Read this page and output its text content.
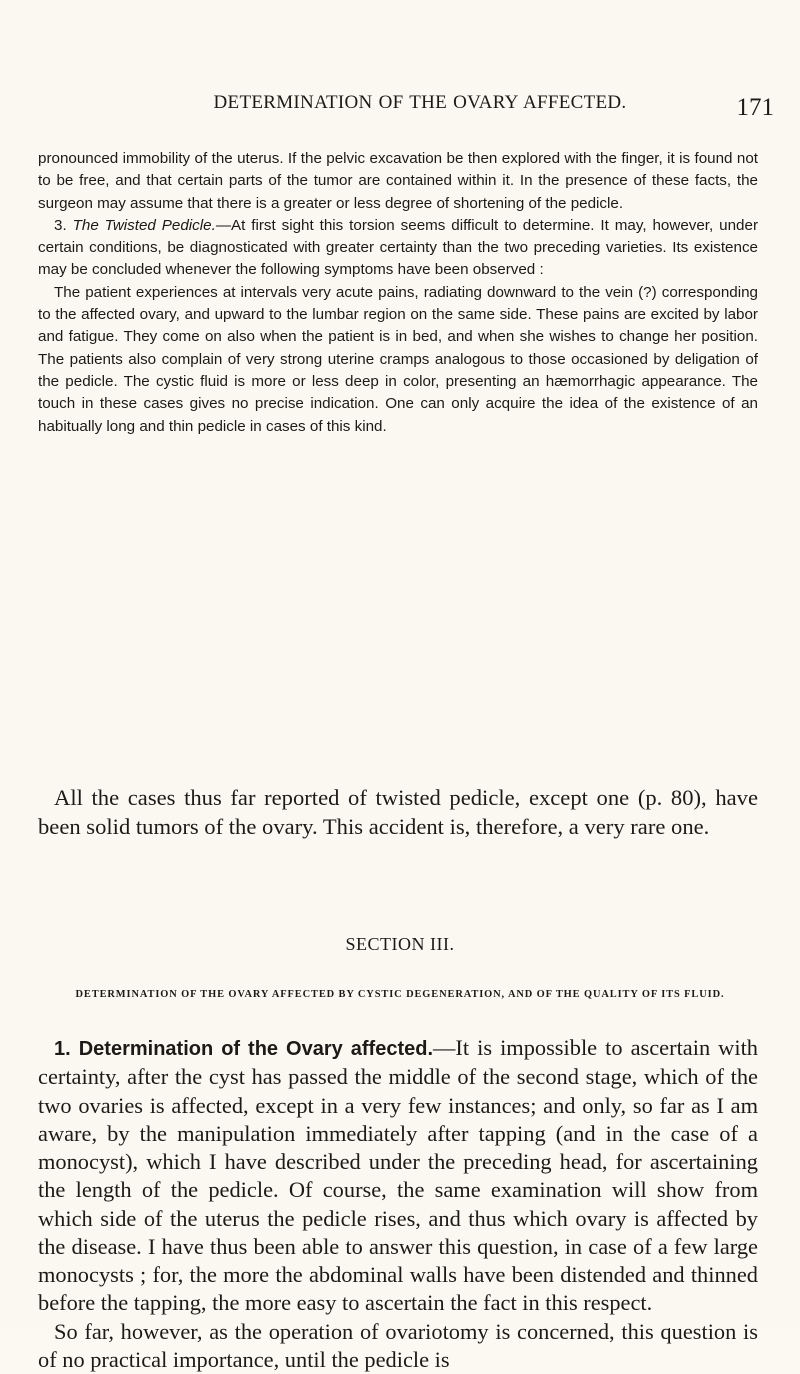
DETERMINATION OF THE OVARY AFFECTED.	171

pronounced immobility of the uterus. If the pelvic excavation be then explored with the finger, it is found not to be free, and that certain parts of the tumor are contained within it. In the presence of these facts, the surgeon may assume that there is a greater or less degree of shortening of the pedicle.

3. The Twisted Pedicle.—At first sight this torsion seems difficult to determine. It may, however, under certain conditions, be diagnosticated with greater certainty than the two preceding varieties. Its existence may be concluded whenever the following symptoms have been observed :

The patient experiences at intervals very acute pains, radiating downward to the vein (?) corresponding to the affected ovary, and upward to the lumbar region on the same side. These pains are excited by labor and fatigue. They come on also when the patient is in bed, and when she wishes to change her position. The patients also complain of very strong uterine cramps analogous to those occasioned by deligation of the pedicle. The cystic fluid is more or less deep in color, presenting an hæmorrhagic appearance. The touch in these cases gives no precise indication. One can only acquire the idea of the existence of an habitually long and thin pedicle in cases of this kind.

All the cases thus far reported of twisted pedicle, except one (p. 80), have been solid tumors of the ovary. This accident is, therefore, a very rare one.

SECTION III.
DETERMINATION OF THE OVARY AFFECTED BY CYSTIC DEGENERATION, AND OF THE QUALITY OF ITS FLUID.

1. Determination of the Ovary affected.—It is impossible to ascertain with certainty, after the cyst has passed the middle of the second stage, which of the two ovaries is affected, except in a very few instances; and only, so far as I am aware, by the manipulation immediately after tapping (and in the case of a monocyst), which I have described under the preceding head, for ascertaining the length of the pedicle. Of course, the same examination will show from which side of the uterus the pedicle rises, and thus which ovary is affected by the disease. I have thus been able to answer this question, in case of a few large monocysts ; for, the more the abdominal walls have been distended and thinned before the tapping, the more easy to ascertain the fact in this respect.

So far, however, as the operation of ovariotomy is concerned, this question is of no practical importance, until the pedicle is
